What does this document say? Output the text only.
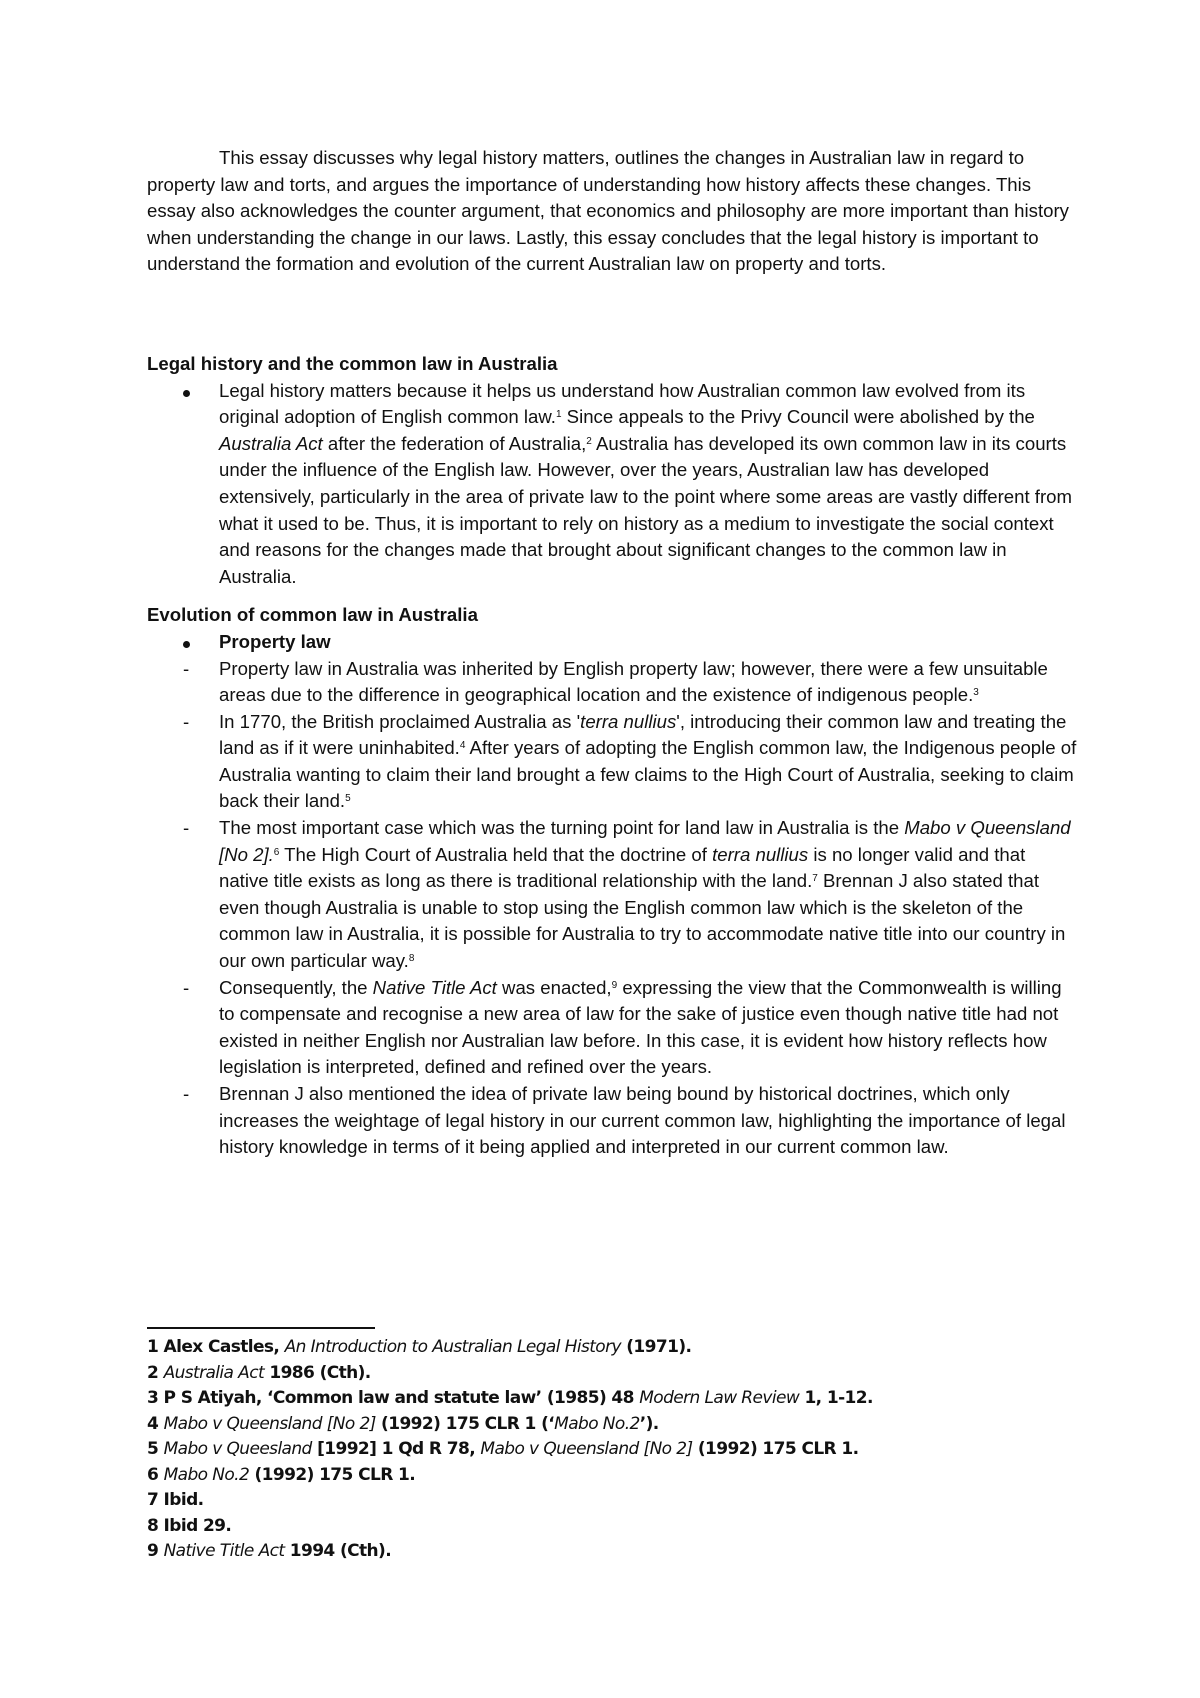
This essay discusses why legal history matters, outlines the changes in Australian law in regard to property law and torts, and argues the importance of understanding how history affects these changes. This essay also acknowledges the counter argument, that economics and philosophy are more important than history when understanding the change in our laws. Lastly, this essay concludes that the legal history is important to understand the formation and evolution of the current Australian law on property and torts.

Legal history and the common law in Australia

Legal history matters because it helps us understand how Australian common law evolved from its original adoption of English common law.$^1$ Since appeals to the Privy Council were abolished by the Australia Act after the federation of Australia,$^2$ Australia has developed its own common law in its courts under the influence of the English law. However, over the years, Australian law has developed extensively, particularly in the area of private law to the point where some areas are vastly different from what it used to be. Thus, it is important to rely on history as a medium to investigate the social context and reasons for the changes made that brought about significant changes to the common law in Australia.

Evolution of common law in Australia

Property law
-	Property law in Australia was inherited by English property law; however, there were a few unsuitable areas due to the difference in geographical location and the existence of indigenous people.$^3$
-	In 1770, the British proclaimed Australia as 'terra nullius', introducing their common law and treating the land as if it were uninhabited.$^4$ After years of adopting the English common law, the Indigenous people of Australia wanting to claim their land brought a few claims to the High Court of Australia, seeking to claim back their land.$^5$
-	The most important case which was the turning point for land law in Australia is the Mabo v Queensland [No 2].$^6$ The High Court of Australia held that the doctrine of terra nullius is no longer valid and that native title exists as long as there is traditional relationship with the land.$^7$ Brennan J also stated that even though Australia is unable to stop using the English common law which is the skeleton of the common law in Australia, it is possible for Australia to try to accommodate native title into our country in our own particular way.$^8$
-	Consequently, the Native Title Act was enacted,$^9$ expressing the view that the Commonwealth is willing to compensate and recognise a new area of law for the sake of justice even though native title had not existed in neither English nor Australian law before. In this case, it is evident how history reflects how legislation is interpreted, defined and refined over the years.
-	Brennan J also mentioned the idea of private law being bound by historical doctrines, which only increases the weightage of legal history in our current common law, highlighting the importance of legal history knowledge in terms of it being applied and interpreted in our current common law.
1 Alex Castles, An Introduction to Australian Legal History (1971).
2 Australia Act 1986 (Cth).
3 P S Atiyah, ‘Common law and statute law’ (1985) 48 Modern Law Review 1, 1-12.
4 Mabo v Queensland [No 2] (1992) 175 CLR 1 (‘Mabo No.2’).
5 Mabo v Queesland [1992] 1 Qd R 78, Mabo v Queensland [No 2] (1992) 175 CLR 1.
6 Mabo No.2 (1992) 175 CLR 1.
7 Ibid.
8 Ibid 29.
9 Native Title Act 1994 (Cth).
